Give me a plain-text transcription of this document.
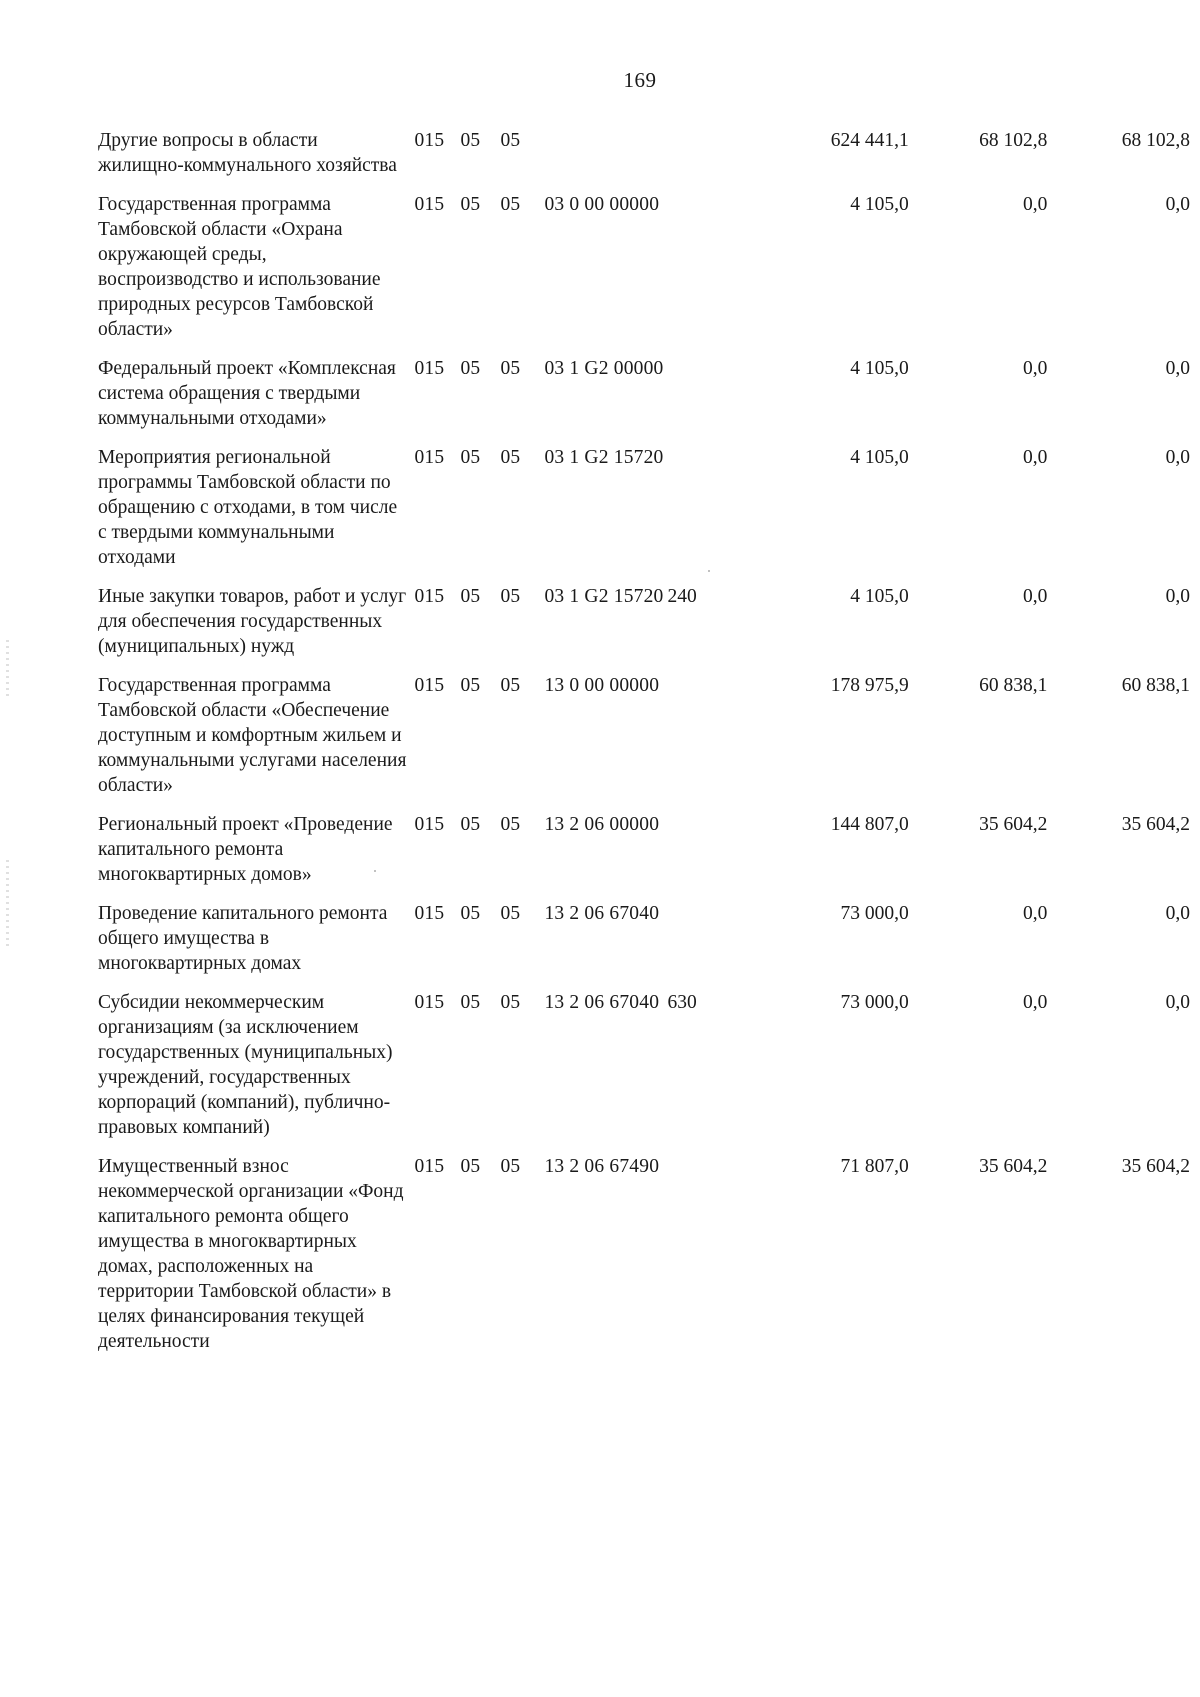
169
Другие вопросы в области жилищно-коммунального хозяйства	015 05 05		624 441,1	68 102,8	68 102,8
Государственная программа Тамбовской области «Охрана окружающей среды, воспроизводство и использование природных ресурсов Тамбовской области»	015 05 05 03 0 00 00000		4 105,0	0,0	0,0
Федеральный проект «Комплексная система обращения с твердыми коммунальными отходами»	015 05 05 03 1 G2 00000		4 105,0	0,0	0,0
Мероприятия региональной программы Тамбовской области по обращению с отходами, в том числе с твердыми коммунальными отходами	015 05 05 03 1 G2 15720		4 105,0	0,0	0,0
Иные закупки товаров, работ и услуг для обеспечения государственных (муниципальных) нужд	015 05 05 03 1 G2 15720	240	4 105,0	0,0	0,0
Государственная программа Тамбовской области «Обеспечение доступным и комфортным жильем и коммунальными услугами населения области»	015 05 05 13 0 00 00000		178 975,9	60 838,1	60 838,1
Региональный проект «Проведение капитального ремонта многоквартирных домов»	015 05 05 13 2 06 00000		144 807,0	35 604,2	35 604,2
Проведение капитального ремонта общего имущества в многоквартирных домах	015 05 05 13 2 06 67040		73 000,0	0,0	0,0
Субсидии некоммерческим организациям (за исключением государственных (муниципальных) учреждений, государственных корпораций (компаний), публично-правовых компаний)	015 05 05 13 2 06 67040	630	73 000,0	0,0	0,0
Имущественный взнос некоммерческой организации «Фонд капитального ремонта общего имущества в многоквартирных домах, расположенных на территории Тамбовской области» в целях финансирования текущей деятельности	015 05 05 13 2 06 67490		71 807,0	35 604,2	35 604,2
